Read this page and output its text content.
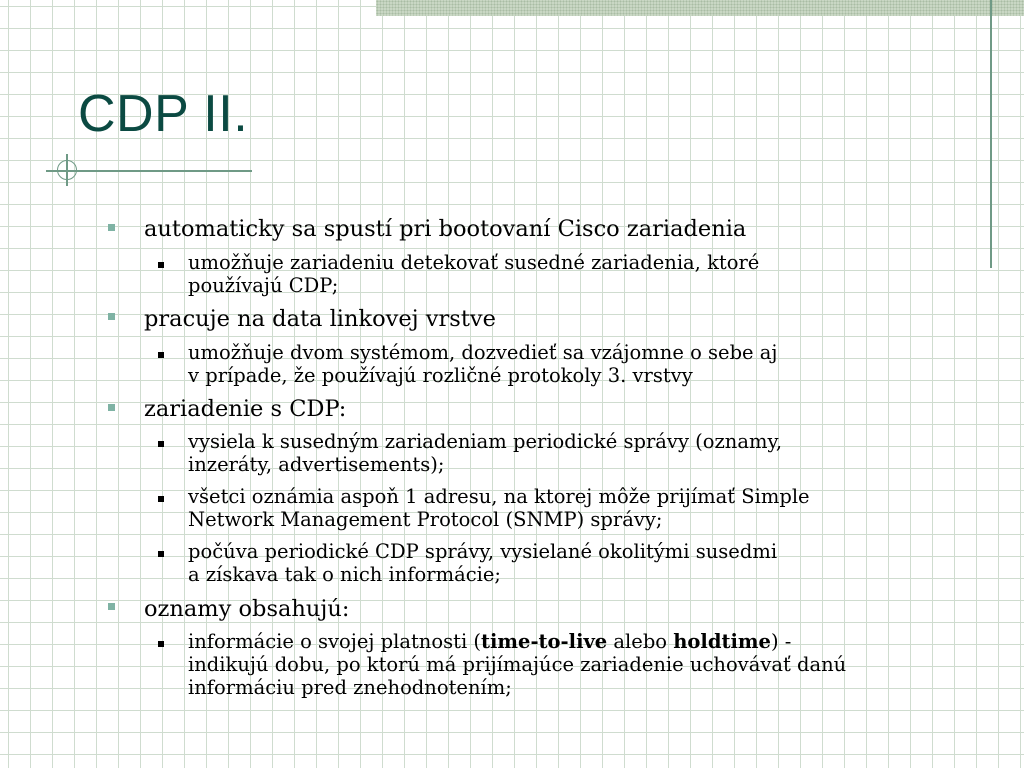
CDP II.
automaticky sa spustí pri bootovaní Cisco zariadenia
umožňuje zariadeniu detekovať susedné zariadenia, ktoré
používajú CDP;
pracuje na data linkovej vrstve
umožňuje dvom systémom, dozvedieť sa vzájomne o sebe aj
v prípade, že používajú rozličné protokoly 3. vrstvy
zariadenie s CDP:
vysiela k susedným zariadeniam periodické správy (oznamy,
inzeráty, advertisements);
všetci oznámia aspoň 1 adresu, na ktorej môže prijímať Simple
Network Management Protocol (SNMP) správy;
počúva periodické CDP správy, vysielané okolitými susedmi
a získava tak o nich informácie;
oznamy obsahujú:
informácie o svojej platnosti (time-to-live alebo holdtime) -
indikujú dobu, po ktorú má prijímajúce zariadenie uchovávať danú
informáciu pred znehodnotením;
